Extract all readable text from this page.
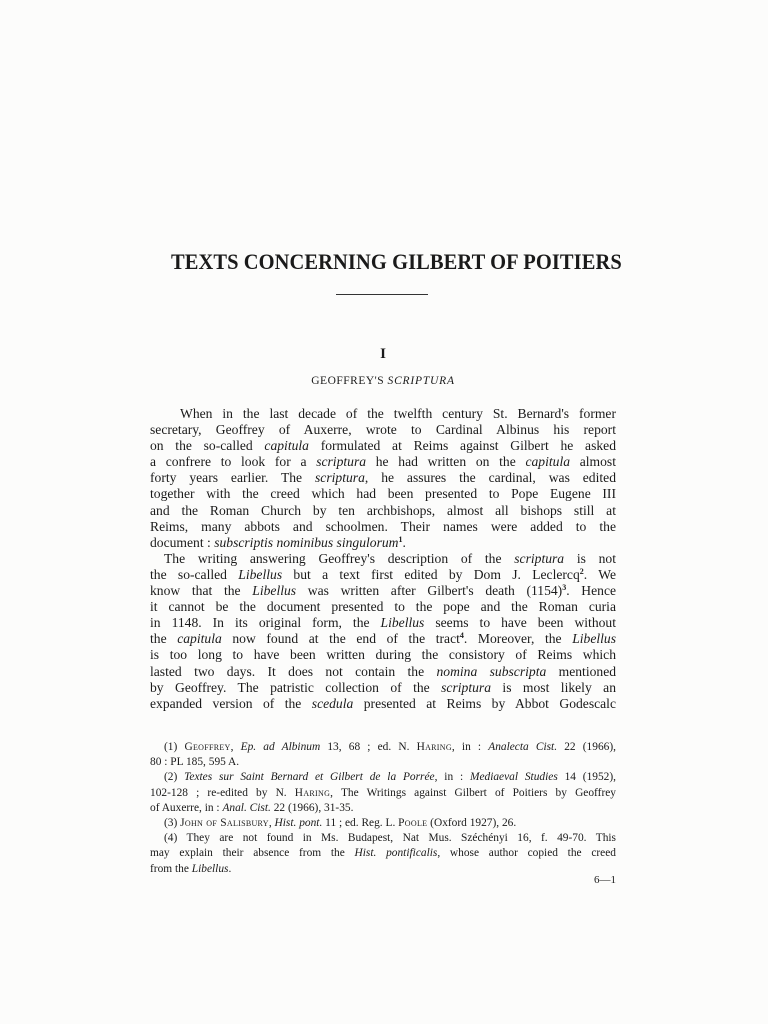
TEXTS CONCERNING GILBERT OF POITIERS
I
GEOFFREY'S SCRIPTURA
When in the last decade of the twelfth century St. Bernard's former
secretary, Geoffrey of Auxerre, wrote to Cardinal Albinus his report
on the so-called capitula formulated at Reims against Gilbert he asked
a confrere to look for a scriptura he had written on the capitula almost
forty years earlier. The scriptura, he assures the cardinal, was edited
together with the creed which had been presented to Pope Eugene III
and the Roman Church by ten archbishops, almost all bishops still at
Reims, many abbots and schoolmen. Their names were added to the
document : subscriptis nominibus singulorum$^1$.
The writing answering Geoffrey's description of the scriptura is not
the so-called Libellus but a text first edited by Dom J. Leclercq$^2$. We
know that the Libellus was written after Gilbert's death $(1154)^3$. Hence
it cannot be the document presented to the pope and the Roman curia
in 1148. In its original form, the Libellus seems to have been without
the capitula now found at the end of the tract$^4$. Moreover, the Libellus
is too long to have been written during the consistory of Reims which
lasted two days. It does not contain the nomina subscripta mentioned
by Geoffrey. The patristic collection of the scriptura is most likely an
expanded version of the scedula presented at Reims by Abbot Godescalc
(1) Geoffrey, Ep. ad Albinum 13, 68 ; ed. N. Haring, in : Analecta Cist. 22 (1966),
80 : PL 185, 595 A.
(2) Textes sur Saint Bernard et Gilbert de la Porrée, in : Mediaeval Studies 14 (1952),
102-128 ; re-edited by N. Haring, The Writings against Gilbert of Poitiers by Geoffrey
of Auxerre, in : Anal. Cist. 22 (1966), 31-35.
(3) John of Salisbury, Hist. pont. 11 ; ed. Reg. L. Poole (Oxford 1927), 26.
(4) They are not found in Ms. Budapest, Nat Mus. Széchényi 16, f. 49-70. This
may explain their absence from the Hist. pontificalis, whose author copied the creed
from the Libellus.
6—1
